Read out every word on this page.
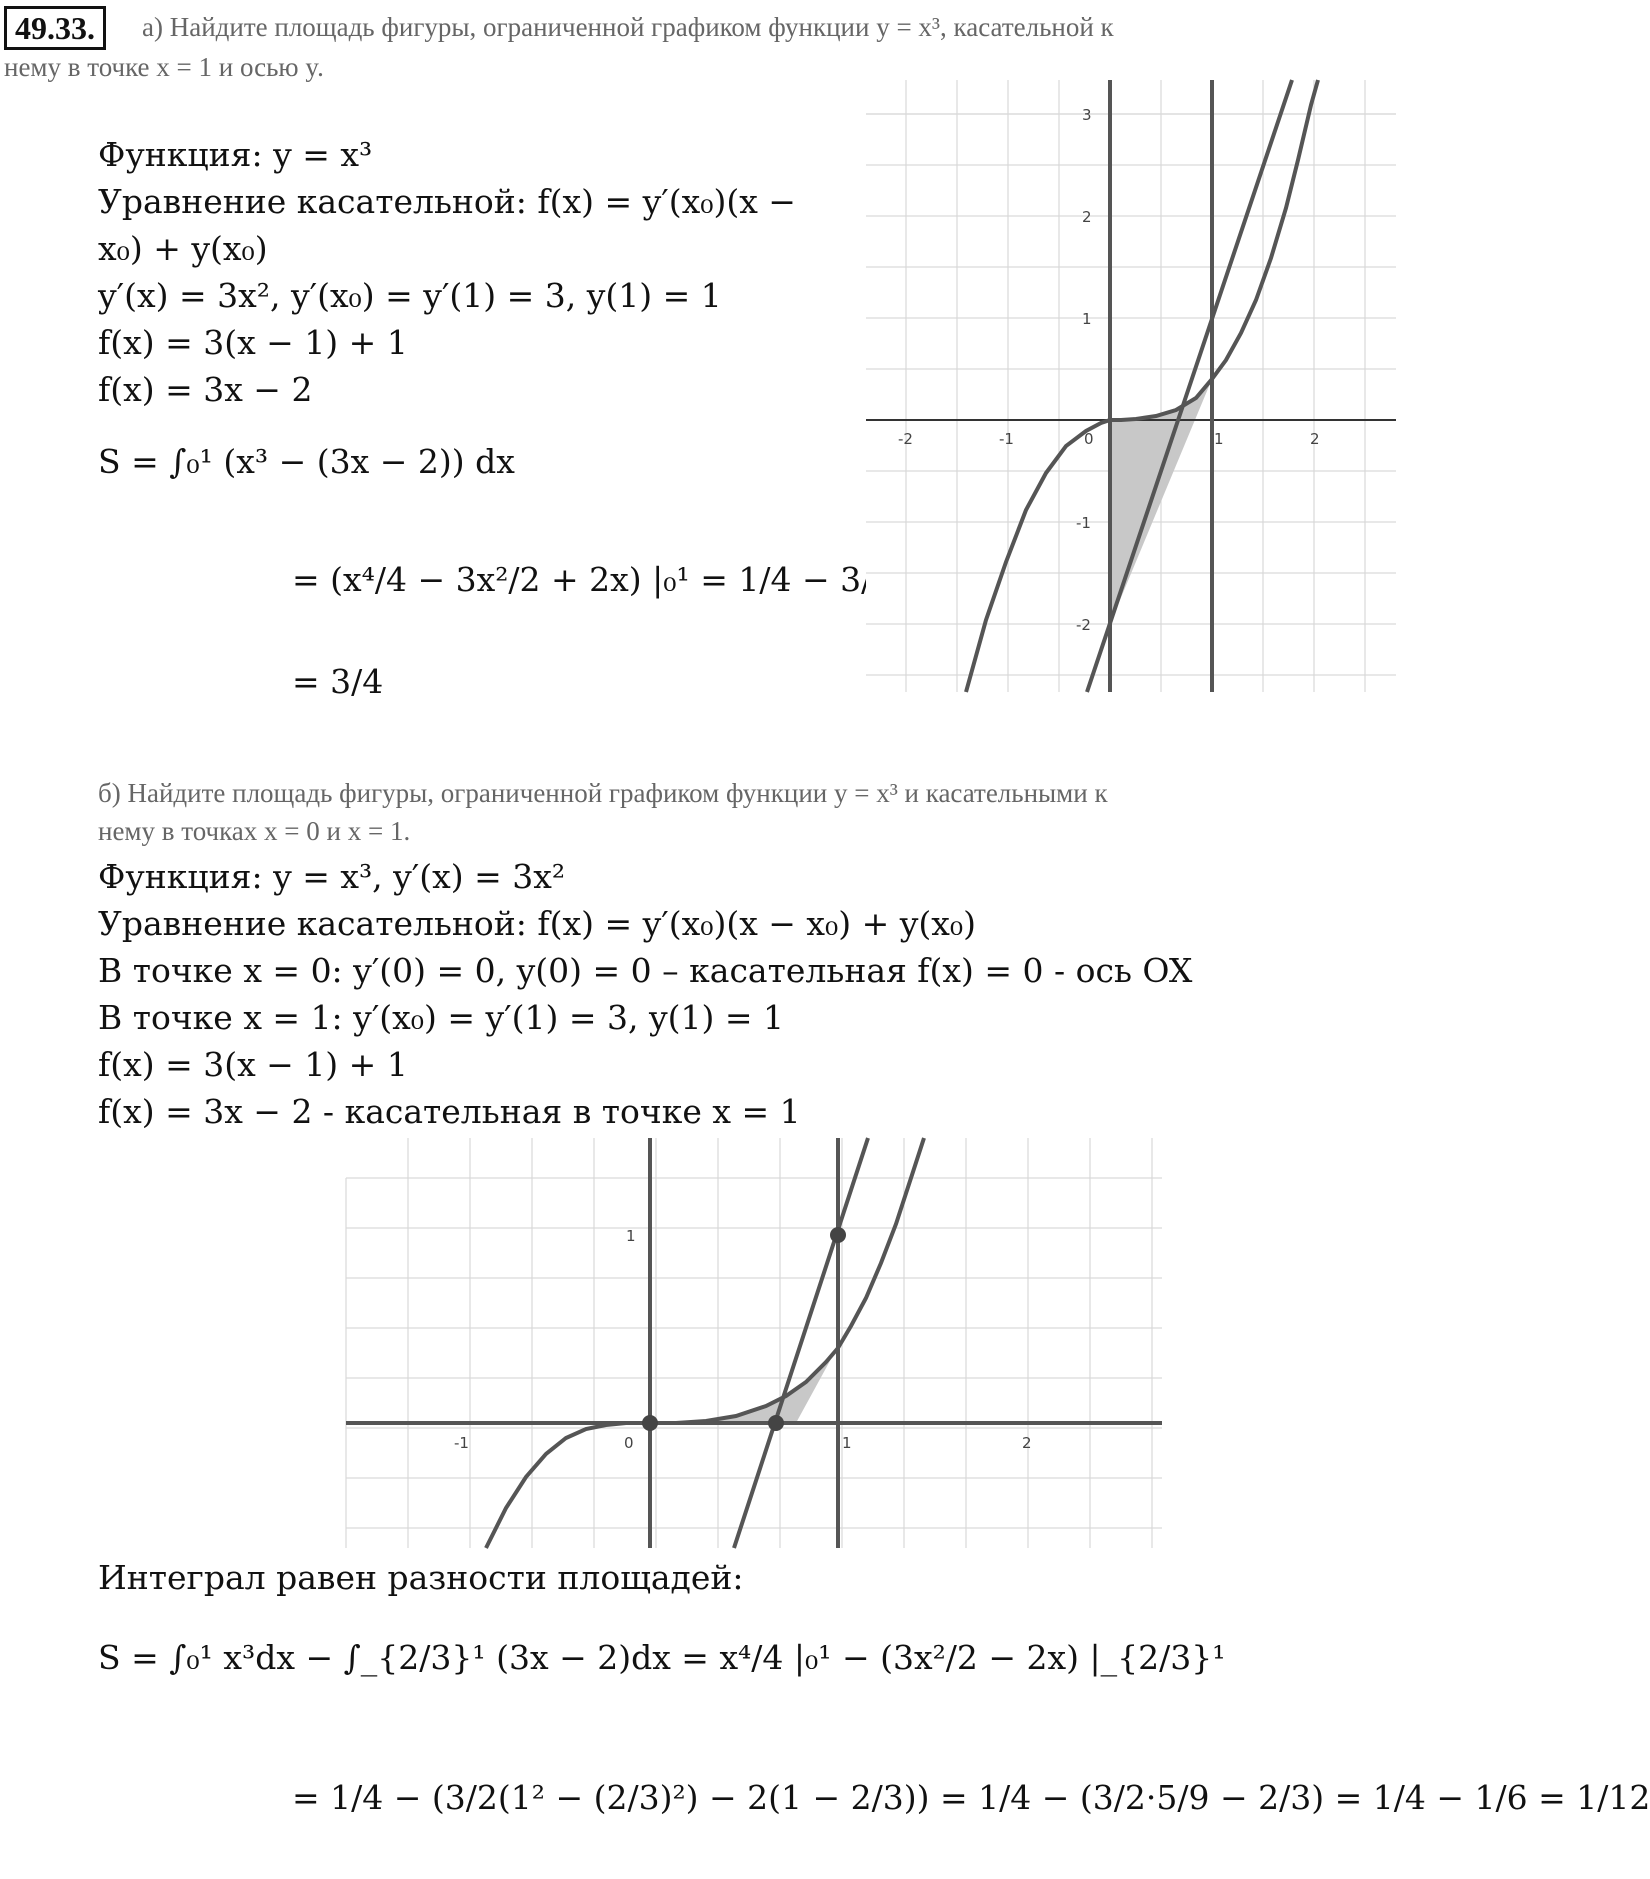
49.33.	а) Найдите площадь фигуры, ограниченной графиком функции y = x³, касательной к
нему в точке x = 1 и осью y.
Функция: y = x³
Уравнение касательной: f(x) = y′(x₀)(x −
x₀) + y(x₀)
y′(x) = 3x², y′(x₀) = y′(1) = 3, y(1) = 1
f(x) = 3(x − 1) + 1
f(x) = 3x − 2
S = ∫₀¹ (x³ − (3x − 2)) dx
= (x⁴/4 − 3x²/2 + 2x) |₀¹ = 1/4 − 3/2 + 2
= 3/4
-2	-1	0	1	2
3
2
1
-1
-2
б) Найдите площадь фигуры, ограниченной графиком функции y = x³ и касательными к
нему в точках x = 0 и x = 1.
Функция: y = x³, y′(x) = 3x²
Уравнение касательной: f(x) = y′(x₀)(x − x₀) + y(x₀)
В точке x = 0: y′(0) = 0, y(0) = 0 – касательная f(x) = 0 - ось OX
В точке x = 1: y′(x₀) = y′(1) = 3, y(1) = 1
f(x) = 3(x − 1) + 1
f(x) = 3x − 2 - касательная в точке x = 1
-1	0	1	2
1
Интеграл равен разности площадей:
S = ∫₀¹ x³dx − ∫_{2/3}¹ (3x − 2)dx = x⁴/4 |₀¹ − (3x²/2 − 2x) |_{2/3}¹
= 1/4 − (3/2(1² − (2/3)²) − 2(1 − 2/3)) = 1/4 − (3/2·5/9 − 2/3) = 1/4 − 1/6 = 1/12
